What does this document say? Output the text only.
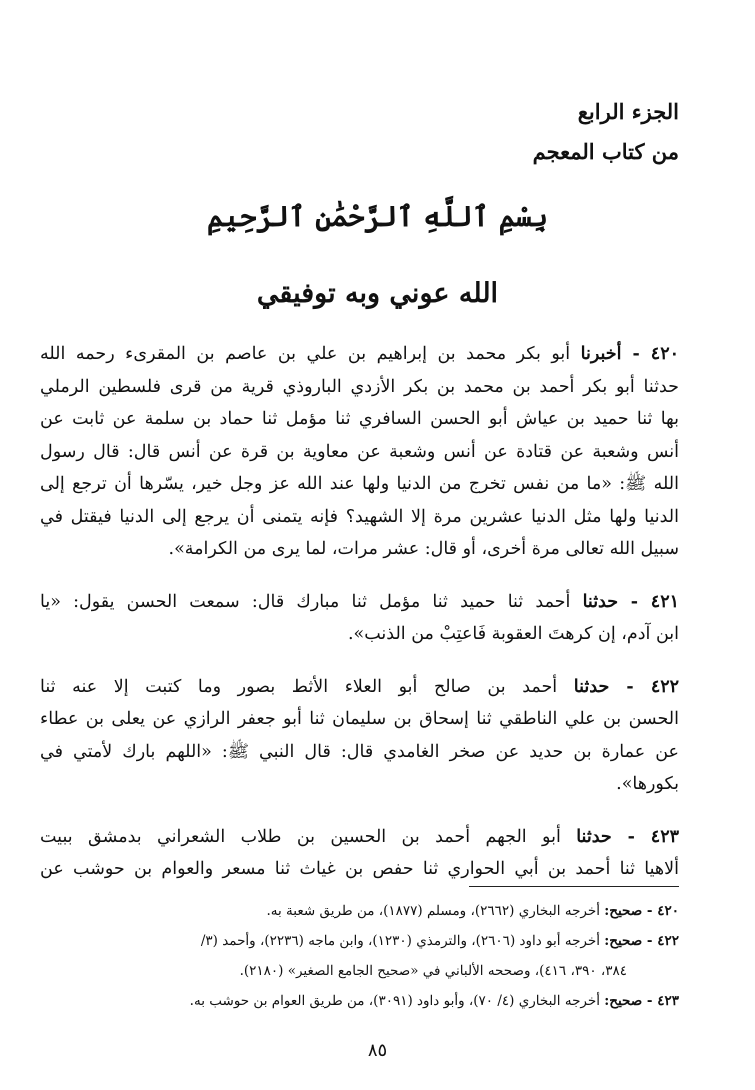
الجزء الرابع
من كتاب المعجم
بِسْمِ ٱللَّهِ ٱلرَّحْمَٰنِ ٱلرَّحِيمِ
الله عوني وبه توفيقي
٤٢٠ - أخبرنا أبو بكر محمد بن إبراهيم بن علي بن عاصم بن المقرىء رحمه الله
حدثنا أبو بكر أحمد بن محمد بن بكر الأزدي الباروذي قرية من قرى فلسطين الرملي
بها ثنا حميد بن عياش أبو الحسن السافري ثنا مؤمل ثنا حماد بن سلمة عن ثابت عن
أنس وشعبة عن قتادة عن أنس وشعبة عن معاوية بن قرة عن أنس قال: قال رسول
الله ﷺ: «ما من نفس تخرج من الدنيا ولها عند الله عز وجل خير، يسّرها أن ترجع إلى
الدنيا ولها مثل الدنيا عشرين مرة إلا الشهيد؟ فإنه يتمنى أن يرجع إلى الدنيا فيقتل في
سبيل الله تعالى مرة أخرى، أو قال: عشر مرات، لما يرى من الكرامة».
٤٢١ - حدثنا أحمد ثنا حميد ثنا مؤمل ثنا مبارك قال: سمعت الحسن يقول: «يا
ابن آدم، إن كرهتَ العقوبة فَاعتِبْ من الذنب».
٤٢٢ - حدثنا أحمد بن صالح أبو العلاء الأثط بصور وما كتبت إلا عنه ثنا
الحسن بن علي الناطقي ثنا إسحاق بن سليمان ثنا أبو جعفر الرازي عن يعلى بن عطاء
عن عمارة بن حديد عن صخر الغامدي قال: قال النبي ﷺ: «اللهم بارك لأمتي في
بكورها».
٤٢٣ - حدثنا أبو الجهم أحمد بن الحسين بن طلاب الشعراني بدمشق ببيت
ألاهيا ثنا أحمد بن أبي الحواري ثنا حفص بن غياث ثنا مسعر والعوام بن حوشب عن
٤٢٠ - صحيح: أخرجه البخاري (٢٦٦٢)، ومسلم (١٨٧٧)، من طريق شعبة به.
٤٢٢ - صحيح: أخرجه أبو داود (٢٦٠٦)، والترمذي (١٢٣٠)، وابن ماجه (٢٢٣٦)، وأحمد (٣/
٣٨٤، ٣٩٠، ٤١٦)، وصححه الألباني في «صحيح الجامع الصغير» (٢١٨٠).
٤٢٣ - صحيح: أخرجه البخاري (٤/ ٧٠)، وأبو داود (٣٠٩١)، من طريق العوام بن حوشب به.
٨٥
